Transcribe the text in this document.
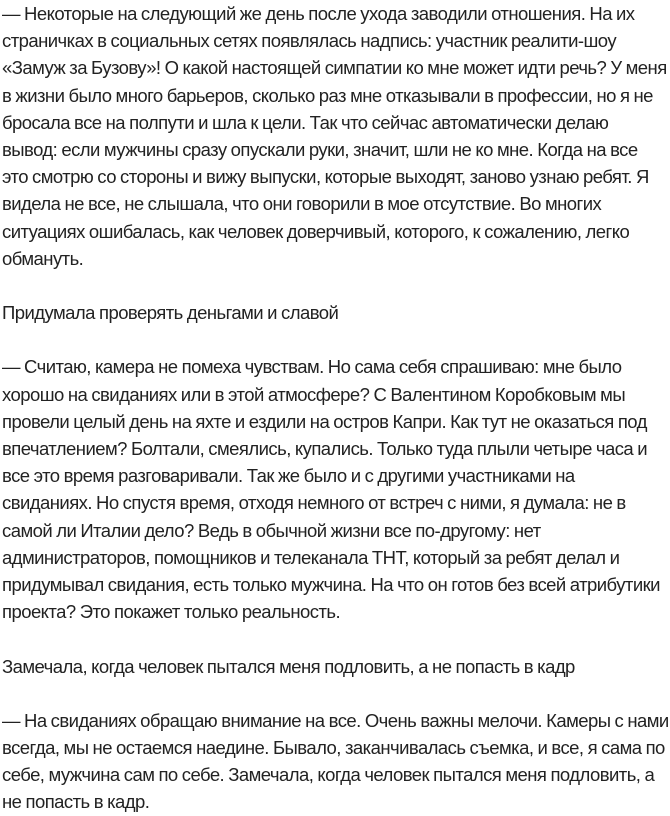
— Некоторые на следующий же день после ухода заводили отношения. На их
страничках в социальных сетях появлялась надпись: участник реалити-шоу
«Замуж за Бузову»! О какой настоящей симпатии ко мне может идти речь? У меня
в жизни было много барьеров, сколько раз мне отказывали в профессии, но я не
бросала все на полпути и шла к цели. Так что сейчас автоматически делаю
вывод: если мужчины сразу опускали руки, значит, шли не ко мне. Когда на все
это смотрю со стороны и вижу выпуски, которые выходят, заново узнаю ребят. Я
видела не все, не слышала, что они говорили в мое отсутствие. Во многих
ситуациях ошибалась, как человек доверчивый, которого, к сожалению, легко
обмануть.

Придумала проверять деньгами и славой

— Считаю, камера не помеха чувствам. Но сама себя спрашиваю: мне было
хорошо на свиданиях или в этой атмосфере? С Валентином Коробковым мы
провели целый день на яхте и ездили на остров Капри. Как тут не оказаться под
впечатлением? Болтали, смеялись, купались. Только туда плыли четыре часа и
все это время разговаривали. Так же было и с другими участниками на
свиданиях. Но спустя время, отходя немного от встреч с ними, я думала: не в
самой ли Италии дело? Ведь в обычной жизни все по-другому: нет
администраторов, помощников и телеканала ТНТ, который за ребят делал и
придумывал свидания, есть только мужчина. На что он готов без всей атрибутики
проекта? Это покажет только реальность.

Замечала, когда человек пытался меня подловить, а не попасть в кадр

— На свиданиях обращаю внимание на все. Очень важны мелочи. Камеры с нами
всегда, мы не остаемся наедине. Бывало, заканчивалась съемка, и все, я сама по
себе, мужчина сам по себе. Замечала, когда человек пытался меня подловить, а
не попасть в кадр.
